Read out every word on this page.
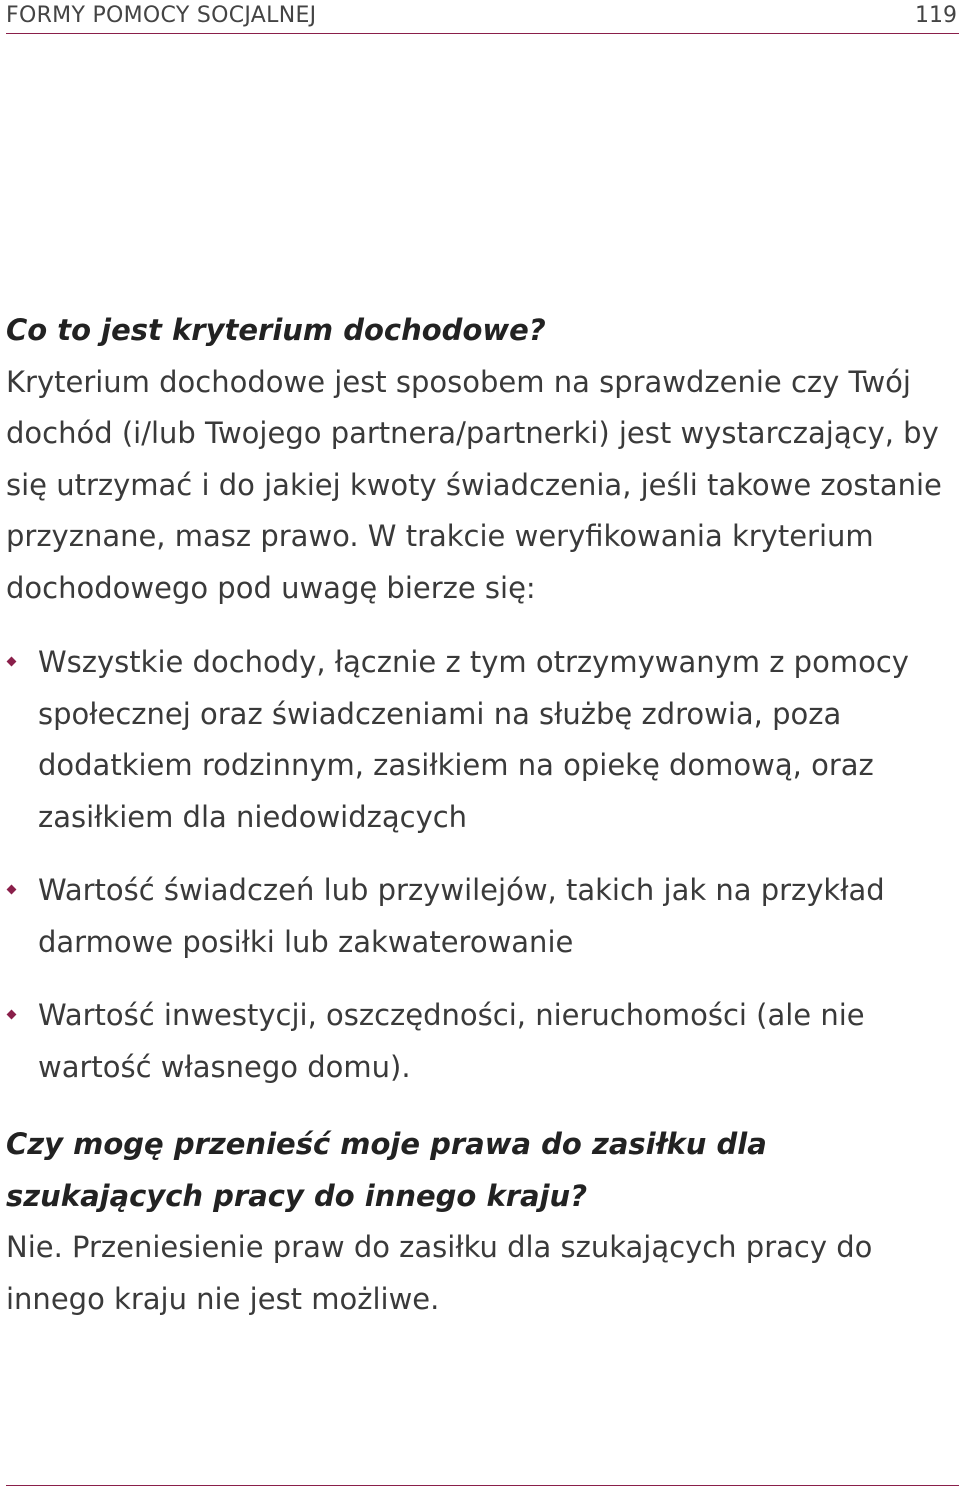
FORMY POMOCY SOCJALNEJ	119

Co to jest kryterium dochodowe?

Kryterium dochodowe jest sposobem na sprawdzenie czy Twój dochód (i/lub Twojego partnera/partnerki) jest wystarczający, by się utrzymać i do jakiej kwoty świadczenia, jeśli takowe zostanie przyznane, masz prawo. W trakcie weryfikowania kryterium dochodowego pod uwagę bierze się:

Wszystkie dochody, łącznie z tym otrzymywanym z pomocy społecznej oraz świadczeniami na służbę zdrowia, poza dodatkiem rodzinnym, zasiłkiem na opiekę domową, oraz zasiłkiem dla niedowidzących
Wartość świadczeń lub przywilejów, takich jak na przykład darmowe posiłki lub zakwaterowanie
Wartość inwestycji, oszczędności, nieruchomości (ale nie wartość własnego domu).

Czy mogę przenieść moje prawa do zasiłku dla szukających pracy do innego kraju?

Nie. Przeniesienie praw do zasiłku dla szukających pracy do innego kraju nie jest możliwe.
